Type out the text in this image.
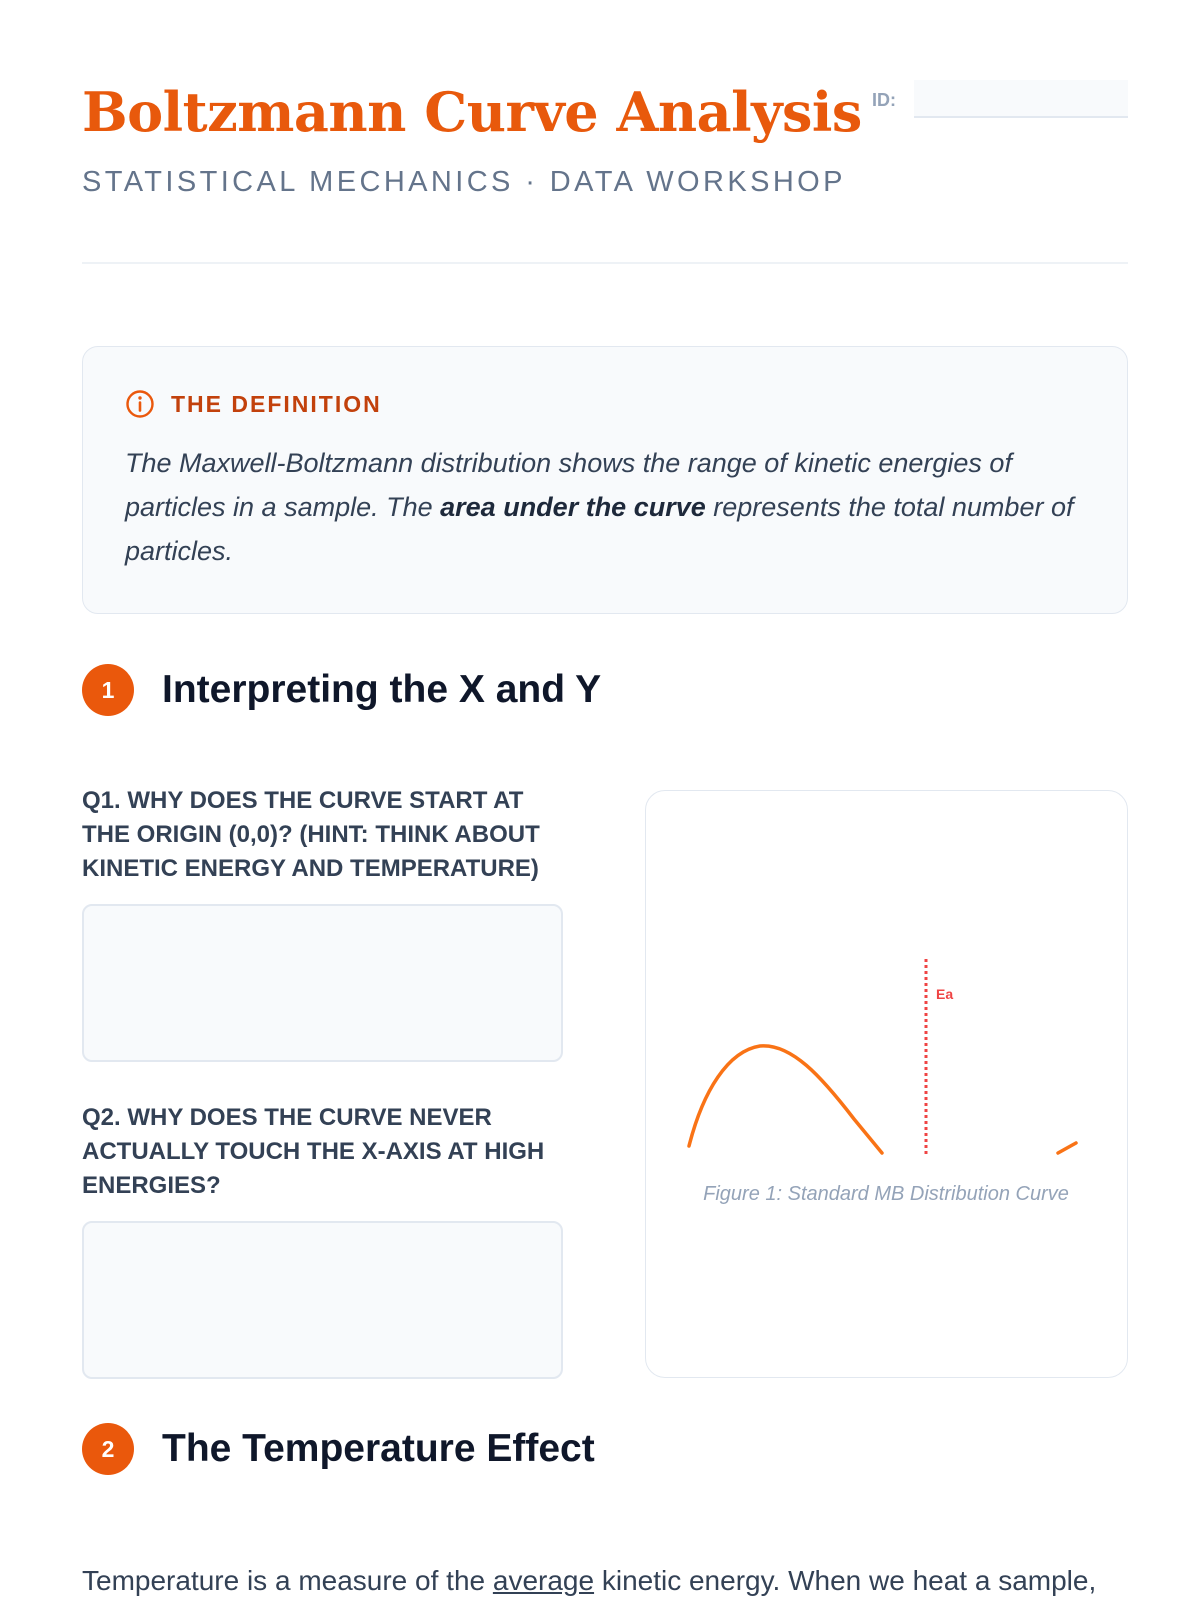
Boltzmann Curve Analysis ID:
STATISTICAL MECHANICS · DATA WORKSHOP
THE DEFINITION

The Maxwell-Boltzmann distribution shows the range of kinetic energies of particles in a sample. The area under the curve represents the total number of particles.

1	Interpreting the X and Y

Q1. WHY DOES THE CURVE START AT THE ORIGIN (0,0)? (HINT: THINK ABOUT KINETIC ENERGY AND TEMPERATURE)

Q2. WHY DOES THE CURVE NEVER ACTUALLY TOUCH THE X-AXIS AT HIGH ENERGIES?

Ea
Figure 1: Standard MB Distribution Curve
2	The Temperature Effect

Temperature is a measure of the average kinetic energy. When we heat a sample,
